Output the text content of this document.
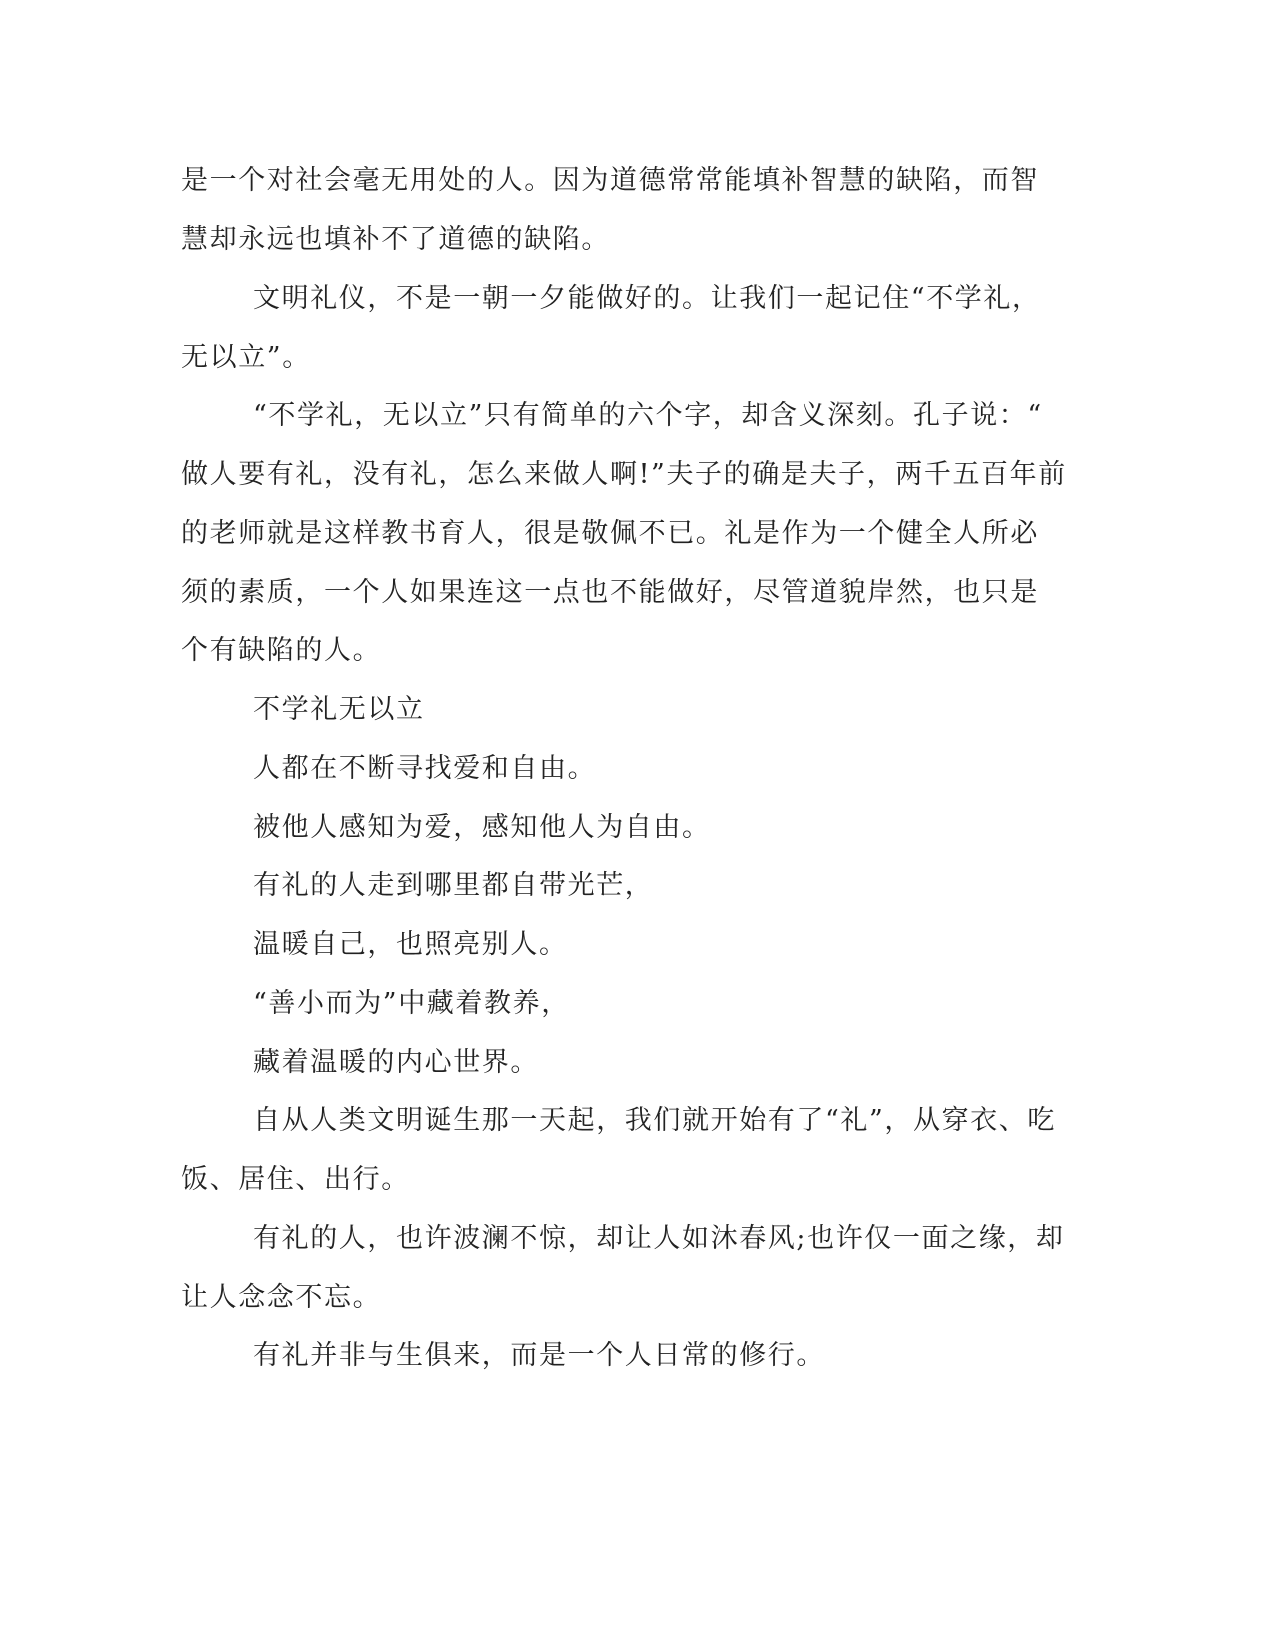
是一个对社会毫无用处的人。因为道德常常能填补智慧的缺陷，而智
慧却永远也填补不了道德的缺陷。
文明礼仪，不是一朝一夕能做好的。让我们一起记住“不学礼，
无以立”。
“不学礼，无以立”只有简单的六个字，却含义深刻。孔子说：“
做人要有礼，没有礼，怎么来做人啊!”夫子的确是夫子，两千五百年前
的老师就是这样教书育人，很是敬佩不已。礼是作为一个健全人所必
须的素质，一个人如果连这一点也不能做好，尽管道貌岸然，也只是
个有缺陷的人。
不学礼无以立
人都在不断寻找爱和自由。
被他人感知为爱，感知他人为自由。
有礼的人走到哪里都自带光芒，
温暖自己，也照亮别人。
“善小而为”中藏着教养，
藏着温暖的内心世界。
自从人类文明诞生那一天起，我们就开始有了“礼”，从穿衣、吃
饭、居住、出行。
有礼的人，也许波澜不惊，却让人如沐春风;也许仅一面之缘，却
让人念念不忘。
有礼并非与生俱来，而是一个人日常的修行。
